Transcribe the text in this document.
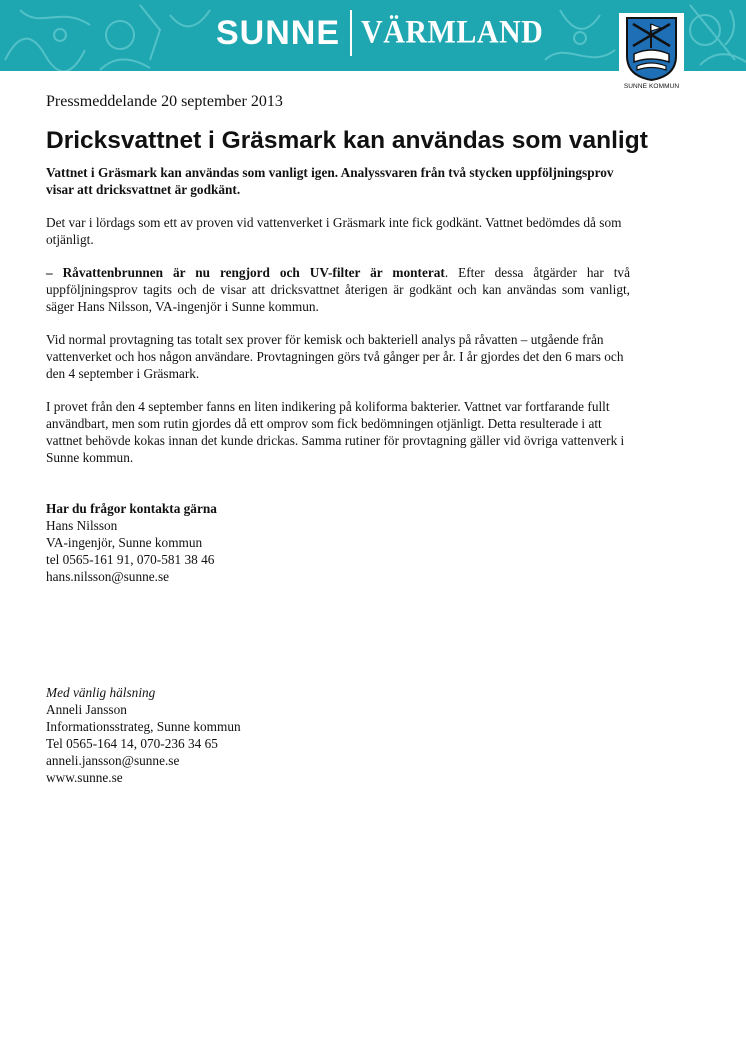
SUNNE VÄRMLAND
SUNNE KOMMUN

Pressmeddelande 20 september 2013

Dricksvattnet i Gräsmark kan användas som vanligt

Vattnet i Gräsmark kan användas som vanligt igen. Analyssvaren från två stycken uppföljningsprov visar att dricksvattnet är godkänt.

Det var i lördags som ett av proven vid vattenverket i Gräsmark inte fick godkänt. Vattnet bedömdes då som otjänligt.

– Råvattenbrunnen är nu rengjord och UV-filter är monterat. Efter dessa åtgärder har två uppföljningsprov tagits och de visar att dricksvattnet återigen är godkänt och kan användas som vanligt, säger Hans Nilsson, VA-ingenjör i Sunne kommun.

Vid normal provtagning tas totalt sex prover för kemisk och bakteriell analys på råvatten – utgående från vattenverket och hos någon användare. Provtagningen görs två gånger per år. I år gjordes det den 6 mars och den 4 september i Gräsmark.

I provet från den 4 september fanns en liten indikering på koliforma bakterier. Vattnet var fortfarande fullt användbart, men som rutin gjordes då ett omprov som fick bedömningen otjänligt. Detta resulterade i att vattnet behövde kokas innan det kunde drickas. Samma rutiner för provtagning gäller vid övriga vattenverk i Sunne kommun.

Har du frågor kontakta gärna

Hans Nilsson

VA-ingenjör, Sunne kommun

tel 0565-161 91, 070-581 38 46

hans.nilsson@sunne.se

Med vänlig hälsning

Anneli Jansson

Informationsstrateg, Sunne kommun

Tel 0565-164 14, 070-236 34 65

anneli.jansson@sunne.se

www.sunne.se
